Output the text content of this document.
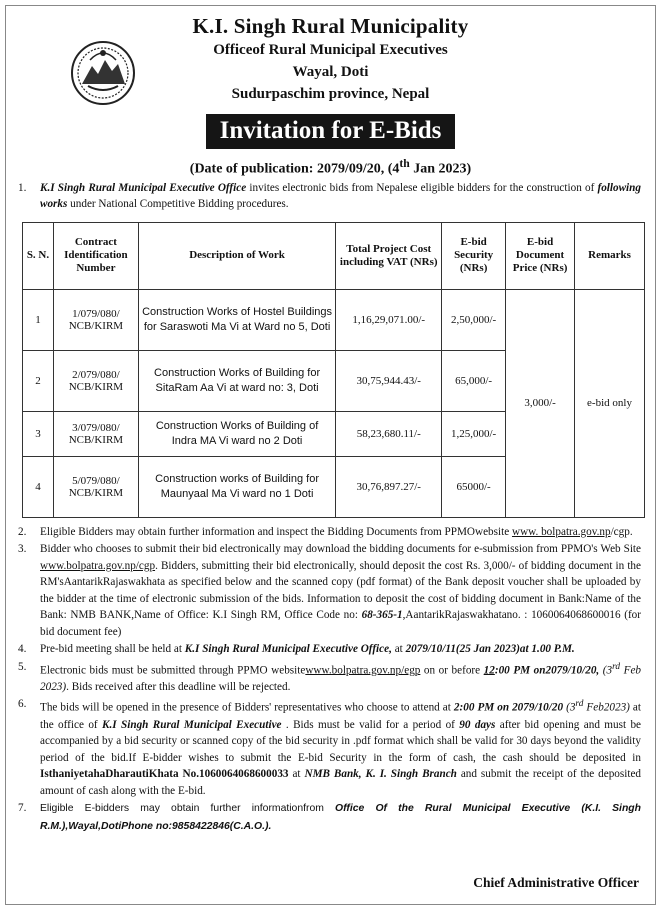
K.I. Singh Rural Municipality
Officeof Rural Municipal Executives
Wayal, Doti
Sudurpaschim province, Nepal
Invitation for E-Bids
(Date of publication: 2079/09/20, (4th Jan 2023)
1. K.I Singh Rural Municipal Executive Office invites electronic bids from Nepalese eligible bidders for the construction of following works under National Competitive Bidding procedures.
S. N.	Contract Identification Number	Description of Work	Total Project Cost including VAT (NRs)	E-bid Security (NRs)	E-bid Document Price (NRs)	Remarks
1	1/079/080/ NCB/KIRM	Construction Works of Hostel Buildings for Saraswoti Ma Vi at Ward no 5, Doti	1,16,29,071.00/-	2,50,000/-	3,000/-	e-bid only
2	2/079/080/ NCB/KIRM	Construction Works of Building for SitaRam Aa Vi at ward no: 3, Doti	30,75,944.43/-	65,000/-		
3	3/079/080/ NCB/KIRM	Construction Works of Building of Indra MA Vi ward no 2 Doti	58,23,680.11/-	1,25,000/-		
4	5/079/080/ NCB/KIRM	Construction works of Building for Maunyaal Ma Vi ward no 1 Doti	30,76,897.27/-	65000/-		
2. Eligible Bidders may obtain further information and inspect the Bidding Documents from PPMOwebsite www. bolpatra.gov.np/cgp.
3. Bidder who chooses to submit their bid electronically may download the bidding documents for e-submission from PPMO's Web Site www.bolpatra.gov.np/cgp. Bidders, submitting their bid electronically, should deposit the cost Rs. 3,000/- of bidding document in the RM'sAantarikRajaswakhata as specified below and the scanned copy (pdf format) of the Bank deposit voucher shall be uploaded by the bidder at the time of electronic submission of the bids. Information to deposit the cost of bidding document in Bank:Name of the Bank: NMB BANK,Name of Office: K.I Singh RM, Office Code no: 68-365-1,AantarikRajaswakhatano. : 1060064068600016 (for bid document fee)
4. Pre-bid meeting shall be held at K.I Singh Rural Municipal Executive Office, at 2079/10/11(25 Jan 2023)at 1.00 P.M.
5. Electronic bids must be submitted through PPMO websitewww.bolpatra.gov.np/egp on or before 12:00 PM on2079/10/20, (3rd Feb 2023). Bids received after this deadline will be rejected.
6. The bids will be opened in the presence of Bidders' representatives who choose to attend at 2:00 PM on 2079/10/20 (3rd Feb2023) at the office of K.I Singh Rural Municipal Executive . Bids must be valid for a period of 90 days after bid opening and must be accompanied by a bid security or scanned copy of the bid security in .pdf format which shall be valid for 30 days beyond the validity period of the bid.If E-bidder wishes to submit the E-bid Security in the form of cash, the cash should be deposited in IsthaniyetahaDharautiKhata No.1060064068600033 at NMB Bank, K. I. Singh Branch and submit the receipt of the deposited amount of cash along with the E-bid.
7. Eligible E-bidders may obtain further informationfrom Office Of the Rural Municipal Executive (K.I. Singh R.M.),Wayal,DotiPhone no:9858422846(C.A.O.).
Chief Administrative Officer
